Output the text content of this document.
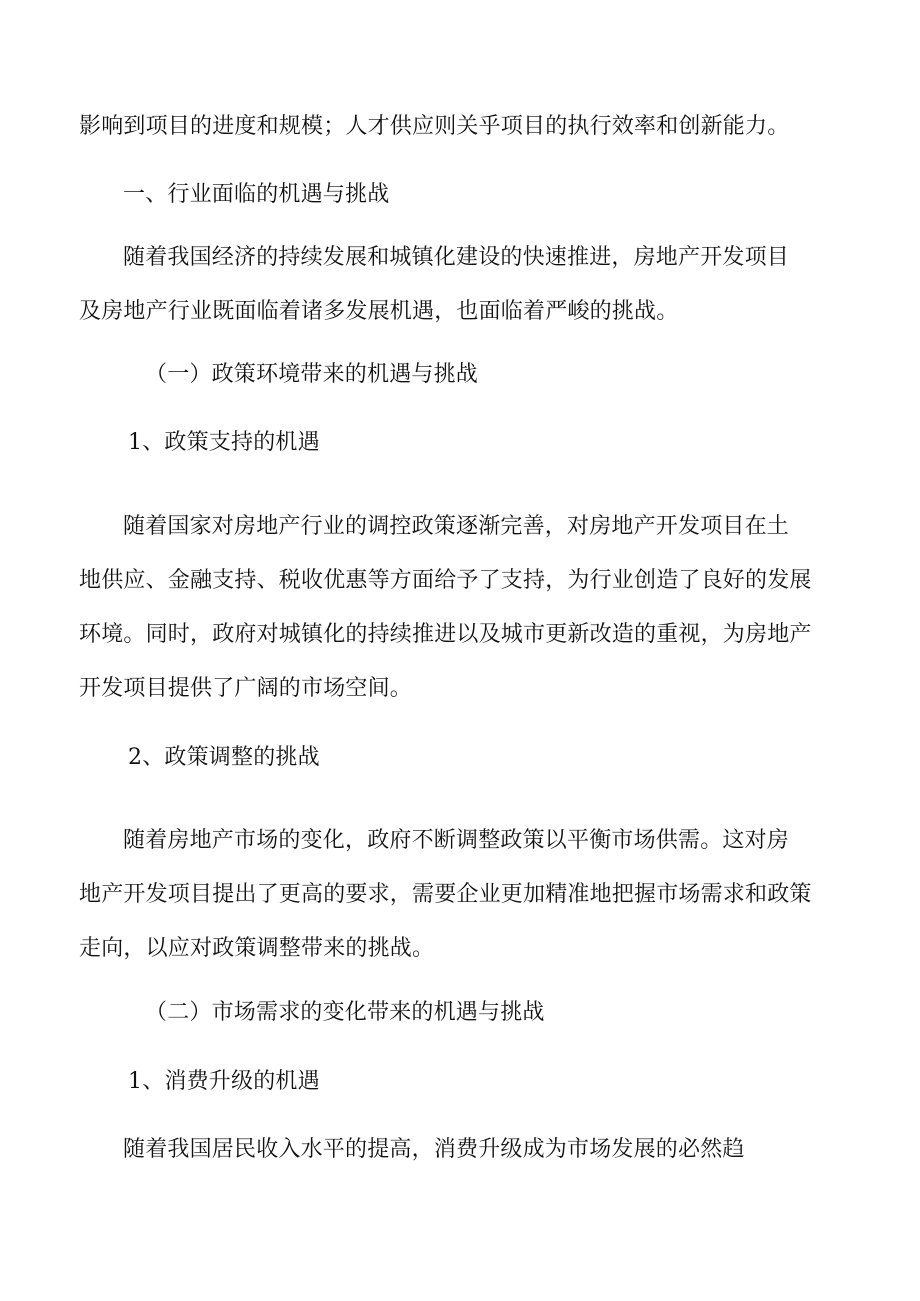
影响到项目的进度和规模；人才供应则关乎项目的执行效率和创新能力。
一、行业面临的机遇与挑战
随着我国经济的持续发展和城镇化建设的快速推进，房地产开发项目
及房地产行业既面临着诸多发展机遇，也面临着严峻的挑战。
（一）政策环境带来的机遇与挑战
1、政策支持的机遇
随着国家对房地产行业的调控政策逐渐完善，对房地产开发项目在土
地供应、金融支持、税收优惠等方面给予了支持，为行业创造了良好的发展
环境。同时，政府对城镇化的持续推进以及城市更新改造的重视，为房地产
开发项目提供了广阔的市场空间。
2、政策调整的挑战
随着房地产市场的变化，政府不断调整政策以平衡市场供需。这对房
地产开发项目提出了更高的要求，需要企业更加精准地把握市场需求和政策
走向，以应对政策调整带来的挑战。
（二）市场需求的变化带来的机遇与挑战
1、消费升级的机遇
随着我国居民收入水平的提高，消费升级成为市场发展的必然趋
